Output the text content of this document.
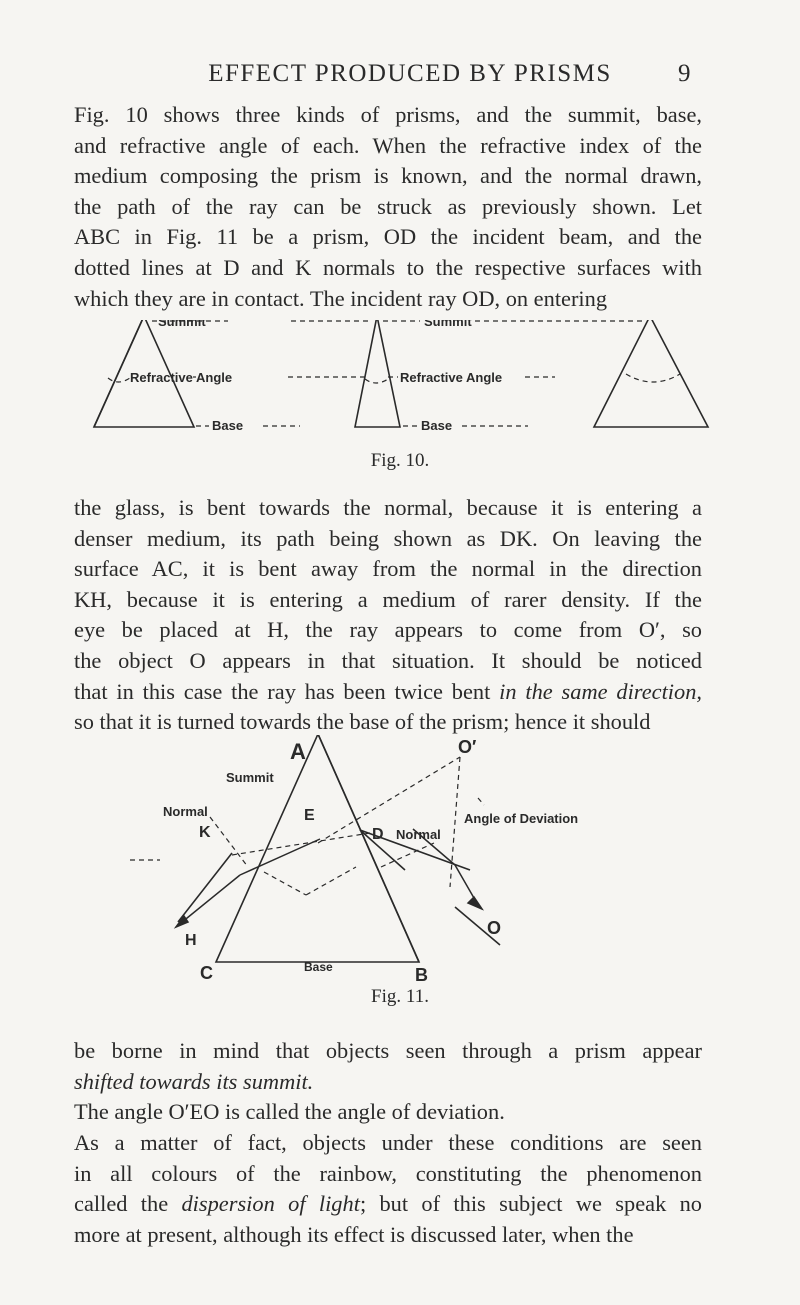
EFFECT PRODUCED BY PRISMS	9

Fig. 10 shows three kinds of prisms, and the summit, base,
and refractive angle of each. When the refractive index of the
medium composing the prism is known, and the normal drawn,
the path of the ray can be struck as previously shown. Let
ABC in Fig. 11 be a prism, OD the incident beam, and the
dotted lines at D and K normals to the respective surfaces with
which they are in contact. The incident ray OD, on entering

Summit	Summit
Refractive Angle	Refractive Angle
Base	Base
Fig. 10.

the glass, is bent towards the normal, because it is entering a
denser medium, its path being shown as DK. On leaving the
surface AC, it is bent away from the normal in the direction
KH, because it is entering a medium of rarer density. If the
eye be placed at H, the ray appears to come from O′, so
the object O appears in that situation. It should be noticed
that in this case the ray has been twice bent in the same direction,
so that it is turned towards the base of the prism; hence it should

A
Summit
O′
Normal
K
E
D
Angle of Deviation
Normal
H
O
C	Base	B
Fig. 11.

be borne in mind that objects seen through a prism appear
shifted towards its summit.

The angle O′EO is called the angle of deviation.

As a matter of fact, objects under these conditions are seen
in all colours of the rainbow, constituting the phenomenon
called the dispersion of light; but of this subject we speak no
more at present, although its effect is discussed later, when the
